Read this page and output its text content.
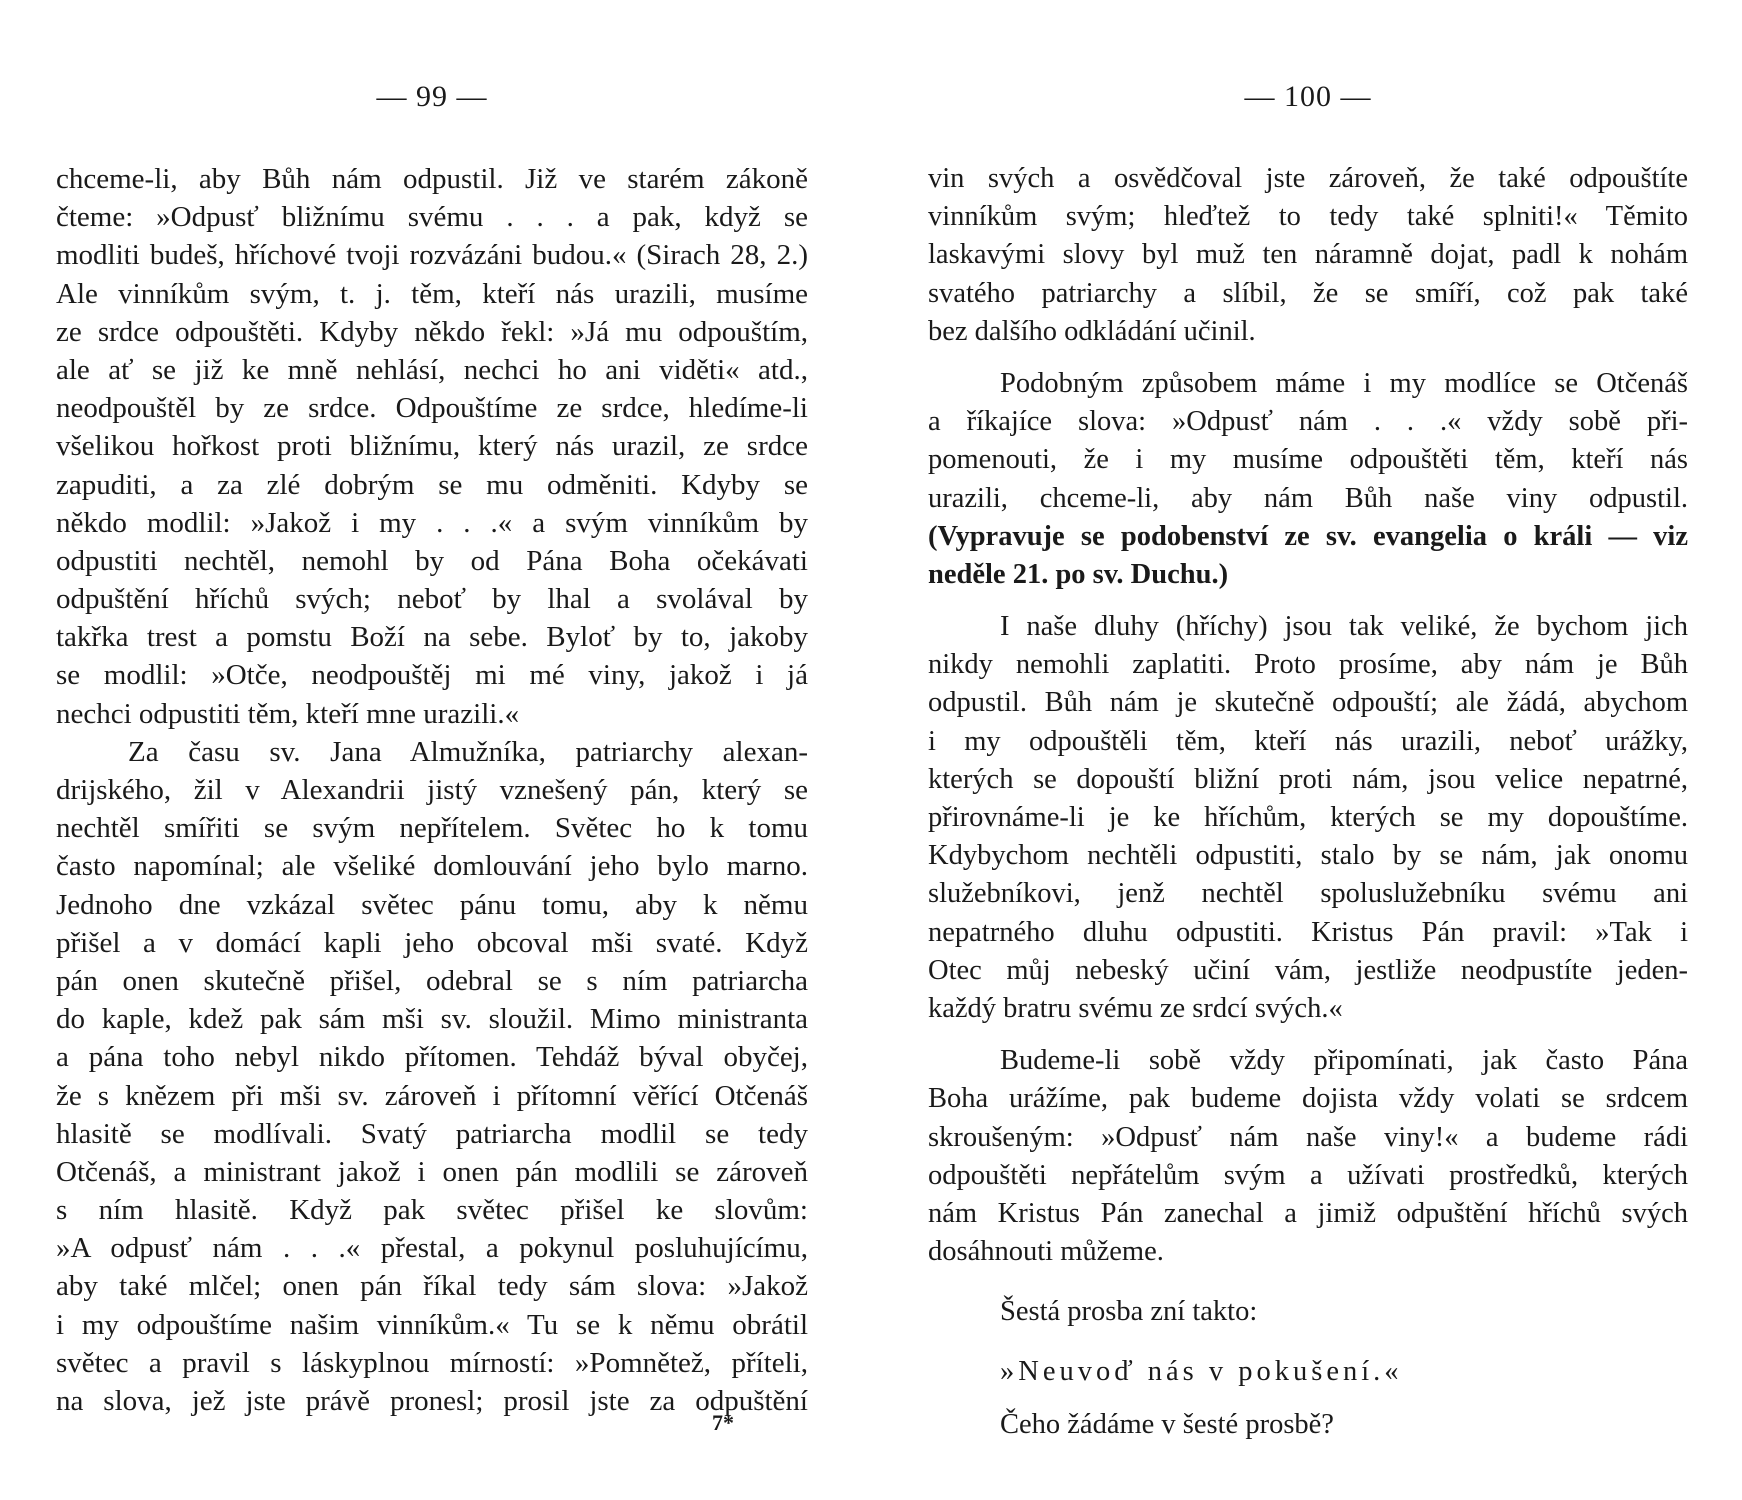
— 99 —
chceme-li, aby Bůh nám odpustil. Již ve starém zákoně
čteme: »Odpusť bližnímu svému . . . a pak, když se
modliti budeš, hříchové tvoji rozvázáni budou.« (Sirach 28, 2.)
Ale vinníkům svým, t. j. těm, kteří nás urazili, musíme
ze srdce odpouštěti. Kdyby někdo řekl: »Já mu odpouštím,
ale ať se již ke mně nehlásí, nechci ho ani viděti« atd.,
neodpouštěl by ze srdce. Odpouštíme ze srdce, hledíme-li
všelikou hořkost proti bližnímu, který nás urazil, ze srdce
zapuditi, a za zlé dobrým se mu odměniti. Kdyby se
někdo modlil: »Jakož i my . . .« a svým vinníkům by
odpustiti nechtěl, nemohl by od Pána Boha očekávati
odpuštění hříchů svých; neboť by lhal a svolával by
takřka trest a pomstu Boží na sebe. Byloť by to, jakoby
se modlil: »Otče, neodpouštěj mi mé viny, jakož i já
nechci odpustiti těm, kteří mne urazili.«
Za času sv. Jana Almužníka, patriarchy alexan-
drijského, žil v Alexandrii jistý vznešený pán, který se
nechtěl smířiti se svým nepřítelem. Světec ho k tomu
často napomínal; ale všeliké domlouvání jeho bylo marno.
Jednoho dne vzkázal světec pánu tomu, aby k němu
přišel a v domácí kapli jeho obcoval mši svaté. Když
pán onen skutečně přišel, odebral se s ním patriarcha
do kaple, kdež pak sám mši sv. sloužil. Mimo ministranta
a pána toho nebyl nikdo přítomen. Tehdáž býval obyčej,
že s knězem při mši sv. zároveň i přítomní věřící Otčenáš
hlasitě se modlívali. Svatý patriarcha modlil se tedy
Otčenáš, a ministrant jakož i onen pán modlili se zároveň
s ním hlasitě. Když pak světec přišel ke slovům:
»A odpusť nám . . .« přestal, a pokynul posluhujícímu,
aby také mlčel; onen pán říkal tedy sám slova: »Jakož
i my odpouštíme našim vinníkům.« Tu se k němu obrátil
světec a pravil s láskyplnou mírností: »Pomnětež, příteli,
na slova, jež jste právě pronesl; prosil jste za odpuštění
7*
— 100 —
vin svých a osvědčoval jste zároveň, že také odpouštíte
vinníkům svým; hleďtež to tedy také splniti!« Těmito
laskavými slovy byl muž ten náramně dojat, padl k nohám
svatého patriarchy a slíbil, že se smíří, což pak také
bez dalšího odkládání učinil.
Podobným způsobem máme i my modlíce se Otčenáš
a říkajíce slova: »Odpusť nám . . .« vždy sobě při-
pomenouti, že i my musíme odpouštěti těm, kteří nás
urazili, chceme-li, aby nám Bůh naše viny odpustil.
(Vypravuje se podobenství ze sv. evangelia o králi — viz
neděle 21. po sv. Duchu.)
I naše dluhy (hříchy) jsou tak veliké, že bychom jich
nikdy nemohli zaplatiti. Proto prosíme, aby nám je Bůh
odpustil. Bůh nám je skutečně odpouští; ale žádá, abychom
i my odpouštěli těm, kteří nás urazili, neboť urážky,
kterých se dopouští bližní proti nám, jsou velice nepatrné,
přirovnáme-li je ke hříchům, kterých se my dopouštíme.
Kdybychom nechtěli odpustiti, stalo by se nám, jak onomu
služebníkovi, jenž nechtěl spoluslužebníku svému ani
nepatrného dluhu odpustiti. Kristus Pán pravil: »Tak i
Otec můj nebeský učiní vám, jestliže neodpustíte jeden-
každý bratru svému ze srdcí svých.«
Budeme-li sobě vždy připomínati, jak často Pána
Boha urážíme, pak budeme dojista vždy volati se srdcem
skroušeným: »Odpusť nám naše viny!« a budeme rádi
odpouštěti nepřátelům svým a užívati prostředků, kterých
nám Kristus Pán zanechal a jimiž odpuštění hříchů svých
dosáhnouti můžeme.
Šestá prosba zní takto:
»Neuvoď nás v pokušení.«
Čeho žádáme v šesté prosbě?
